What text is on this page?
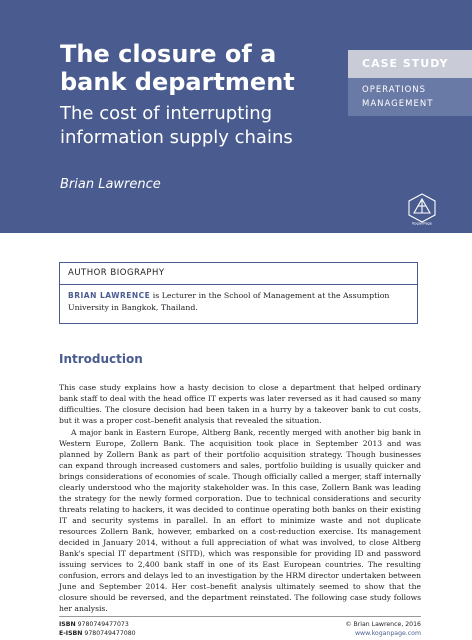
The closure of a bank department
The cost of interrupting information supply chains
Brian Lawrence
CASE STUDY
OPERATIONS
MANAGEMENT
KoganPage
AUTHOR BIOGRAPHY
BRIAN LAWRENCE is Lecturer in the School of Management at the Assumption University in Bangkok, Thailand.
Introduction

This case study explains how a hasty decision to close a department that helped ordinary bank staff to deal with the head office IT experts was later reversed as it had caused so many difficulties. The closure decision had been taken in a hurry by a takeover bank to cut costs, but it was a proper cost–benefit analysis that revealed the situation.

A major bank in Eastern Europe, Altberg Bank, recently merged with another big bank in Western Europe, Zollern Bank. The acquisition took place in September 2013 and was planned by Zollern Bank as part of their portfolio acquisition strategy. Though businesses can expand through increased customers and sales, portfolio building is usually quicker and brings considerations of economies of scale. Though officially called a merger, staff internally clearly understood who the majority stakeholder was. In this case, Zollern Bank was leading the strategy for the newly formed corporation. Due to technical considerations and security threats relating to hackers, it was decided to continue operating both banks on their existing IT and security systems in parallel. In an effort to minimize waste and not duplicate resources Zollern Bank, however, embarked on a cost-reduction exercise. Its management decided in January 2014, without a full appreciation of what was involved, to close Altberg Bank's special IT department (SITD), which was responsible for providing ID and password issuing services to 2,400 bank staff in one of its East European countries. The resulting confusion, errors and delays led to an investigation by the HRM director undertaken between June and September 2014. Her cost–benefit analysis ultimately seemed to show that the closure should be reversed, and the department reinstated. The following case study follows her analysis.

ISBN 9780749477073
E-ISBN 9780749477080
© Brian Lawrence, 2016
www.koganpage.com
